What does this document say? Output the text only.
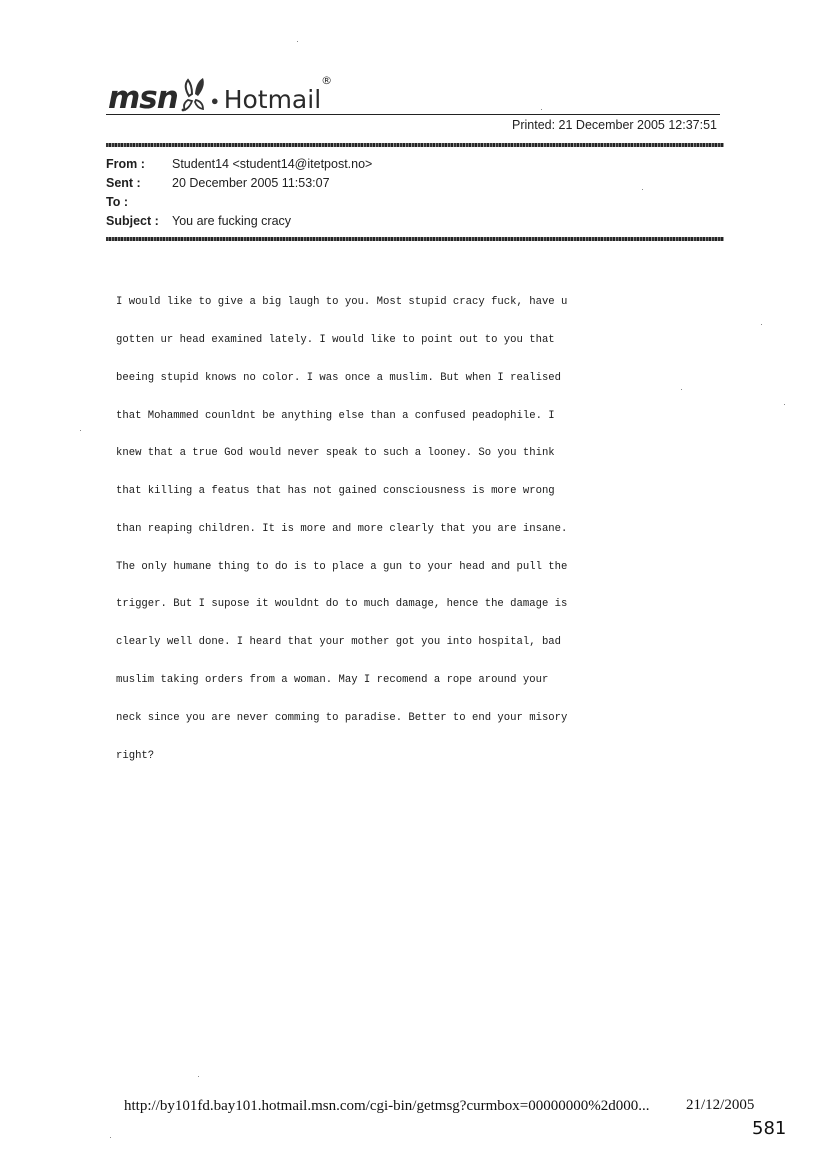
msn	● Hotmail®
Printed: 21 December 2005 12:37:51
From :	Student14 <student14@itetpost.no>
Sent :	20 December 2005 11:53:07
To :
Subject :	You are fucking cracy

I would like to give a big laugh to you. Most stupid cracy fuck, have u

gotten ur head examined lately. I would like to point out to you that

beeing stupid knows no color. I was once a muslim. But when I realised

that Mohammed counldnt be anything else than a confused peadophile. I

knew that a true God would never speak to such a looney. So you think

that killing a featus that has not gained consciousness is more wrong

than reaping children. It is more and more clearly that you are insane.

The only humane thing to do is to place a gun to your head and pull the

trigger. But I supose it wouldnt do to much damage, hence the damage is

clearly well done. I heard that your mother got you into hospital, bad

muslim taking orders from a woman. May I recomend a rope around your

neck since you are never comming to paradise. Better to end your misory

right?

http://by101fd.bay101.hotmail.msn.com/cgi-bin/getmsg?curmbox=00000000%2d000... 21/12/2005
581
